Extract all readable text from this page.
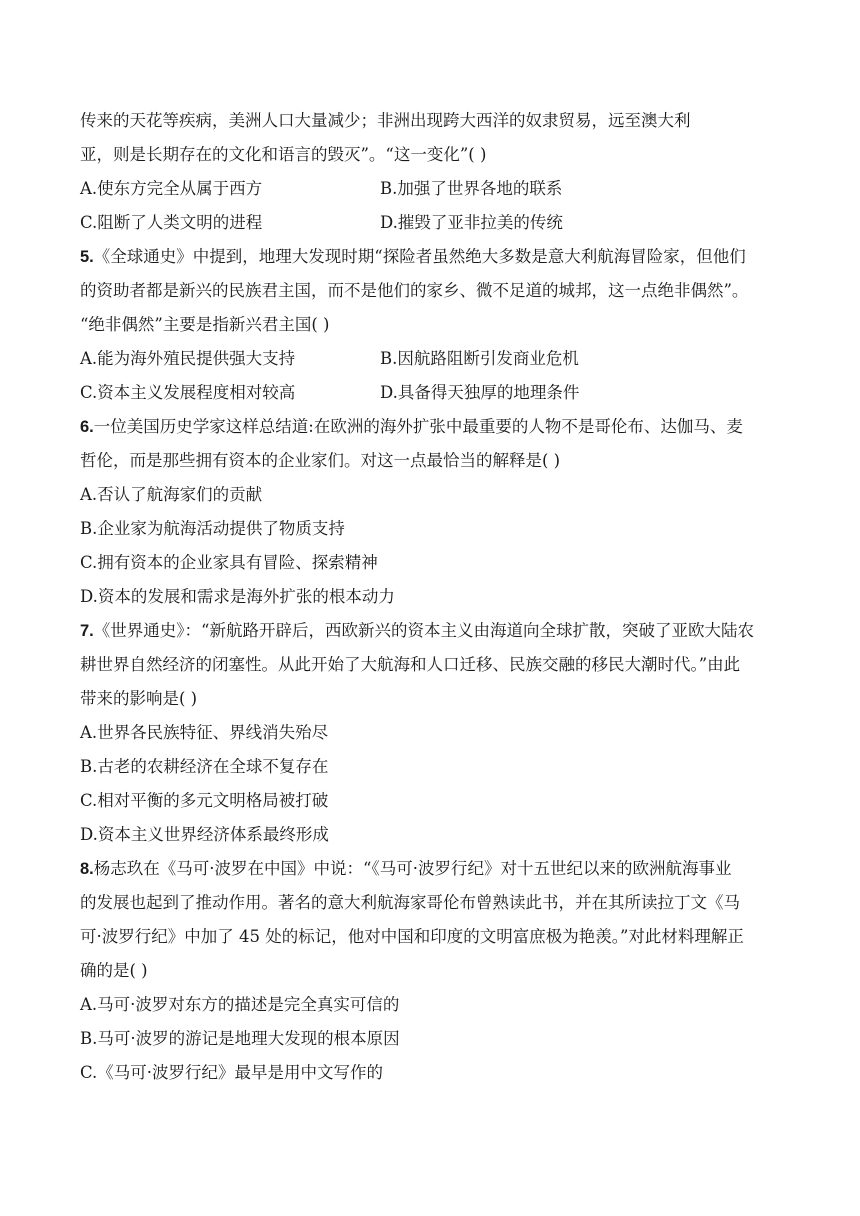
传来的天花等疾病，美洲人口大量减少；非洲出现跨大西洋的奴隶贸易，远至澳大利
亚，则是长期存在的文化和语言的毁灭”。“这一变化”( )
A.使东方完全从属于西方	B.加强了世界各地的联系
C.阻断了人类文明的进程	D.摧毁了亚非拉美的传统
5.《全球通史》中提到，地理大发现时期“探险者虽然绝大多数是意大利航海冒险家，但他们
的资助者都是新兴的民族君主国，而不是他们的家乡、微不足道的城邦，这一点绝非偶然”。
“绝非偶然”主要是指新兴君主国( )
A.能为海外殖民提供强大支持	B.因航路阻断引发商业危机
C.资本主义发展程度相对较高	D.具备得天独厚的地理条件
6.一位美国历史学家这样总结道:在欧洲的海外扩张中最重要的人物不是哥伦布、达伽马、麦
哲伦，而是那些拥有资本的企业家们。对这一点最恰当的解释是( )
A.否认了航海家们的贡献
B.企业家为航海活动提供了物质支持
C.拥有资本的企业家具有冒险、探索精神
D.资本的发展和需求是海外扩张的根本动力
7.《世界通史》：“新航路开辟后，西欧新兴的资本主义由海道向全球扩散，突破了亚欧大陆农
耕世界自然经济的闭塞性。从此开始了大航海和人口迁移、民族交融的移民大潮时代。”由此
带来的影响是( )
A.世界各民族特征、界线消失殆尽
B.古老的农耕经济在全球不复存在
C.相对平衡的多元文明格局被打破
D.资本主义世界经济体系最终形成
8.杨志玖在《马可·波罗在中国》中说：“《马可·波罗行纪》对十五世纪以来的欧洲航海事业
的发展也起到了推动作用。著名的意大利航海家哥伦布曾熟读此书，并在其所读拉丁文《马
可·波罗行纪》中加了 45 处的标记，他对中国和印度的文明富庶极为艳羡。”对此材料理解正
确的是( )
A.马可·波罗对东方的描述是完全真实可信的
B.马可·波罗的游记是地理大发现的根本原因
C.《马可·波罗行纪》最早是用中文写作的
